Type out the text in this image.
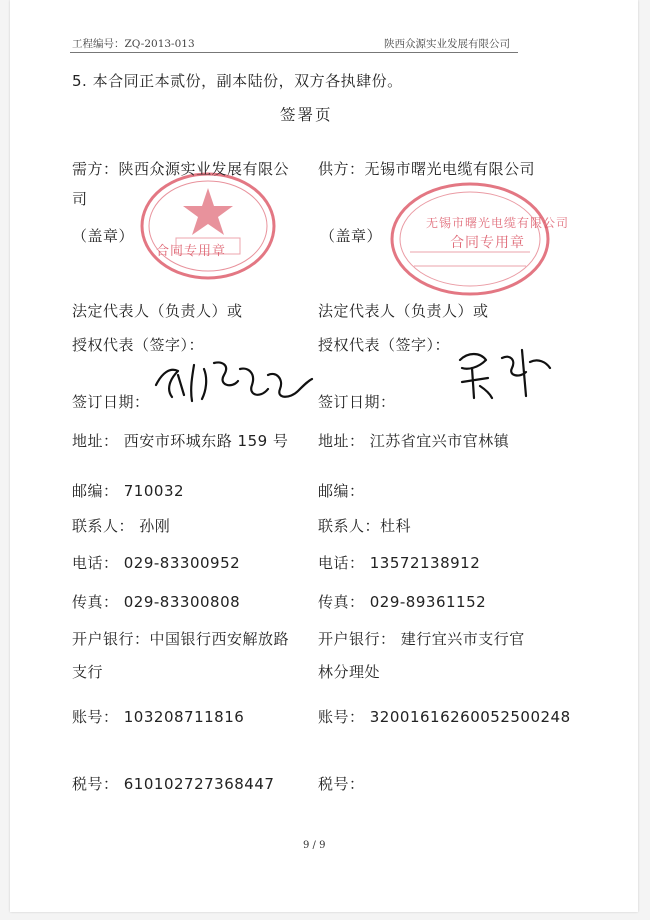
工程编号：ZQ-2013-013	陕西众源实业发展有限公司
5. 本合同正本贰份，副本陆份，双方各执肆份。
签署页
合同专用章
无锡市曙光电缆有限公司
合同专用章
需方：陕西众源实业发展有限公
司
（盖章）
法定代表人（负责人）或
授权代表（签字）：
签订日期：
地址： 西安市环城东路 159 号
邮编： 710032
联系人： 孙刚
电话： 029-83300952
传真： 029-83300808
开户银行：中国银行西安解放路
支行
账号： 103208711816
税号： 610102727368447
供方：无锡市曙光电缆有限公司
（盖章）
法定代表人（负责人）或
授权代表（签字）：
签订日期：
地址： 江苏省宜兴市官林镇
邮编：
联系人：杜科
电话： 13572138912
传真： 029-89361152
开户银行： 建行宜兴市支行官
林分理处
账号： 32001616260052500248
税号：
9 / 9
